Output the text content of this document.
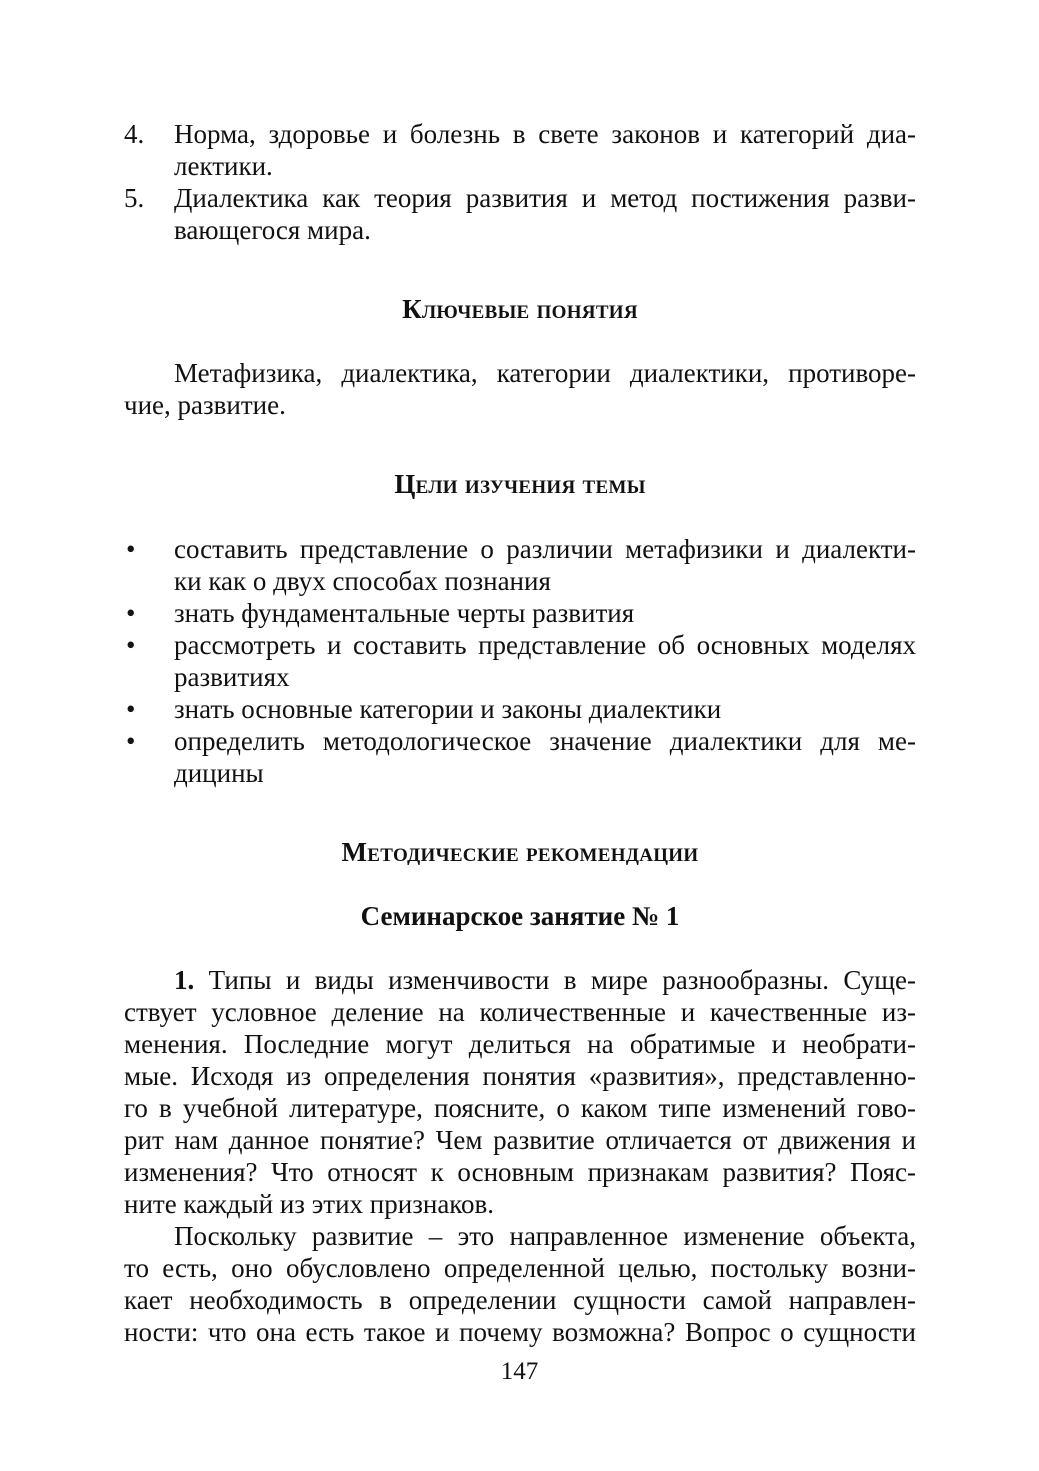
4. Норма, здоровье и болезнь в свете законов и категорий диа-
лектики.
5. Диалектика как теория развития и метод постижения разви-
вающегося мира.
Ключевые понятия
Метафизика, диалектика, категории диалектики, противоре-
чие, развитие.
Цели изучения темы
• составить представление о различии метафизики и диалекти-
ки как о двух способах познания
• знать фундаментальные черты развития
• рассмотреть и составить представление об основных моделях
развитиях
• знать основные категории и законы диалектики
• определить методологическое значение диалектики для ме-
дицины
Методические рекомендации
Семинарское занятие № 1
1. Типы и виды изменчивости в мире разнообразны. Суще-
ствует условное деление на количественные и качественные из-
менения. Последние могут делиться на обратимые и необрати-
мые. Исходя из определения понятия «развития», представленно-
го в учебной литературе, поясните, о каком типе изменений гово-
рит нам данное понятие? Чем развитие отличается от движения и
изменения? Что относят к основным признакам развития? Пояс-
ните каждый из этих признаков.
Поскольку развитие – это направленное изменение объекта,
то есть, оно обусловлено определенной целью, постольку возни-
кает необходимость в определении сущности самой направлен-
ности: что она есть такое и почему возможна? Вопрос о сущности
147
